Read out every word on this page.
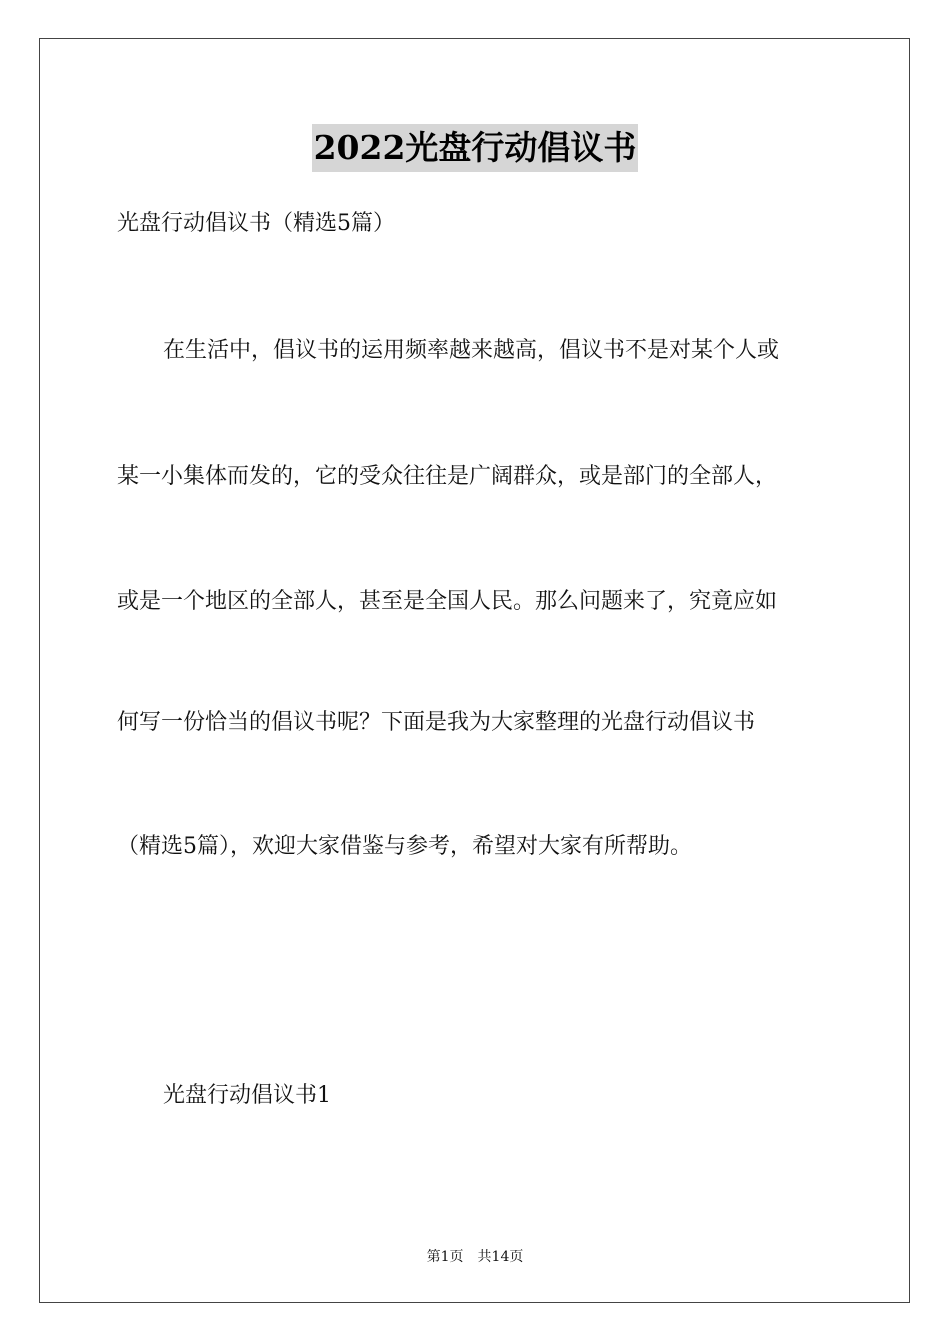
2022光盘行动倡议书
光盘行动倡议书（精选5篇）
在生活中，倡议书的运用频率越来越高，倡议书不是对某个人或
某一小集体而发的，它的受众往往是广阔群众，或是部门的全部人，
或是一个地区的全部人，甚至是全国人民。那么问题来了，究竟应如
何写一份恰当的倡议书呢？下面是我为大家整理的光盘行动倡议书
（精选5篇），欢迎大家借鉴与参考，希望对大家有所帮助。
光盘行动倡议书1
第1页 共14页
